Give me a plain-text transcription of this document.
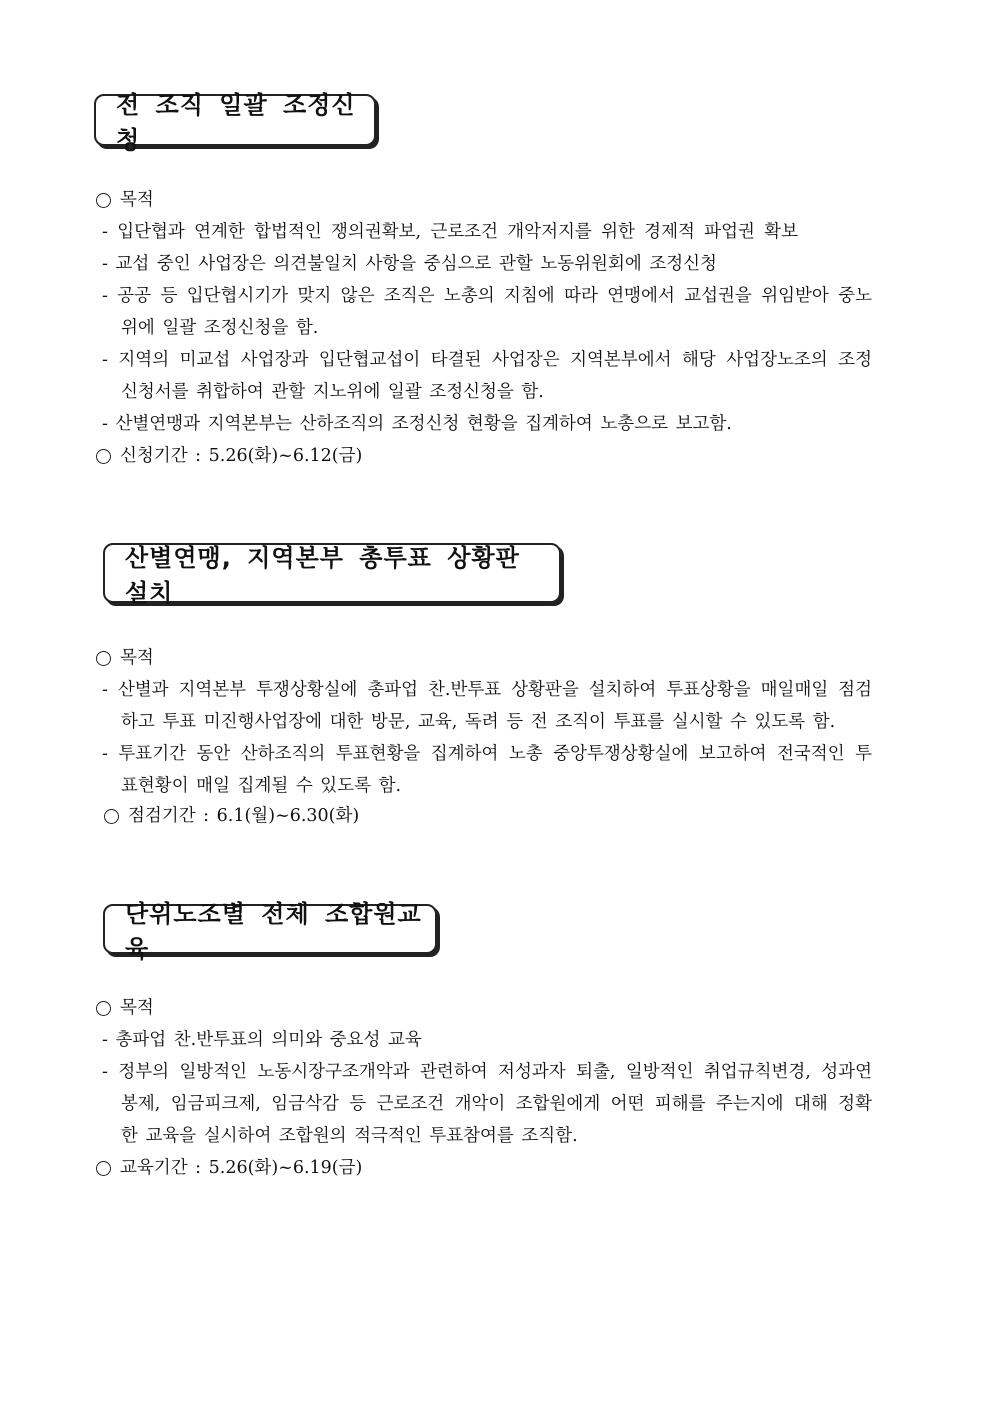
전 조직 일괄 조정신청
목적
- 입단협과 연계한 합법적인 쟁의권확보, 근로조건 개악저지를 위한 경제적 파업권 확보
- 교섭 중인 사업장은 의견불일치 사항을 중심으로 관할 노동위원회에 조정신청
- 공공 등 입단협시기가 맞지 않은 조직은 노총의 지침에 따라 연맹에서 교섭권을 위임받아 중노
위에 일괄 조정신청을 함.
- 지역의 미교섭 사업장과 입단협교섭이 타결된 사업장은 지역본부에서 해당 사업장노조의 조정
신청서를 취합하여 관할 지노위에 일괄 조정신청을 함.
- 산별연맹과 지역본부는 산하조직의 조정신청 현황을 집계하여 노총으로 보고함.
신청기간 : 5.26(화)~6.12(금)
산별연맹, 지역본부 총투표 상황판 설치
목적
- 산별과 지역본부 투쟁상황실에 총파업 찬.반투표 상황판을 설치하여 투표상황을 매일매일 점검
하고 투표 미진행사업장에 대한 방문, 교육, 독려 등 전 조직이 투표를 실시할 수 있도록 함.
- 투표기간 동안 산하조직의 투표현황을 집계하여 노총 중앙투쟁상황실에 보고하여 전국적인 투
표현황이 매일 집계될 수 있도록 함.
점검기간 : 6.1(월)~6.30(화)
단위노조별 전체 조합원교육
목적
- 총파업 찬.반투표의 의미와 중요성 교육
- 정부의 일방적인 노동시장구조개악과 관련하여 저성과자 퇴출, 일방적인 취업규칙변경, 성과연
봉제, 임금피크제, 임금삭감 등 근로조건 개악이 조합원에게 어떤 피해를 주는지에 대해 정확
한 교육을 실시하여 조합원의 적극적인 투표참여를 조직함.
교육기간 : 5.26(화)~6.19(금)
